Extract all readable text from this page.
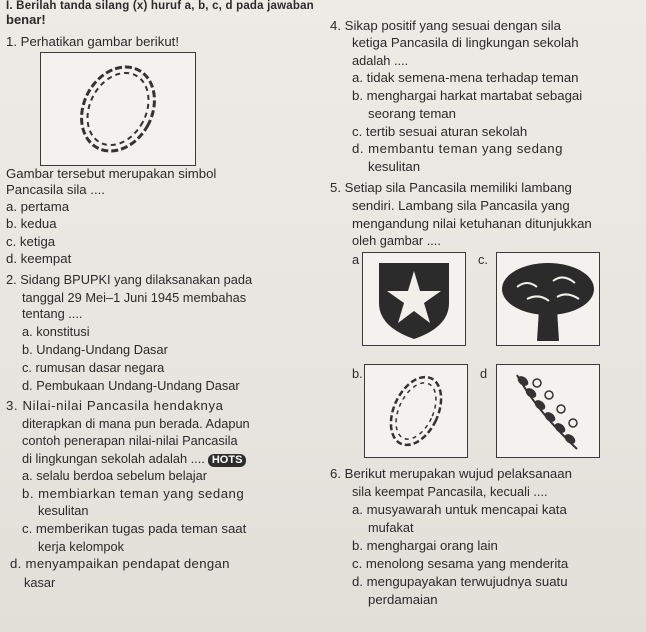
I. Berilah tanda silang (x) huruf a, b, c, d pada jawaban
benar!
1. Perhatikan gambar berikut!
Gambar tersebut merupakan simbol
Pancasila sila ....
a. pertama
b. kedua
c. ketiga
d. keempat
2. Sidang BPUPKI yang dilaksanakan pada
tanggal 29 Mei–1 Juni 1945 membahas
tentang ....
a. konstitusi
b. Undang-Undang Dasar
c. rumusan dasar negara
d. Pembukaan Undang-Undang Dasar
3. Nilai-nilai Pancasila hendaknya
diterapkan di mana pun berada. Adapun
contoh penerapan nilai-nilai Pancasila
di lingkungan sekolah adalah .... HOTS
a. selalu berdoa sebelum belajar
b. membiarkan teman yang sedang
kesulitan
c. memberikan tugas pada teman saat
kerja kelompok
d. menyampaikan pendapat dengan
kasar
4. Sikap positif yang sesuai dengan sila
ketiga Pancasila di lingkungan sekolah
adalah ....
a. tidak semena-mena terhadap teman
b. menghargai harkat martabat sebagai
seorang teman
c. tertib sesuai aturan sekolah
d. membantu teman yang sedang
kesulitan
5. Setiap sila Pancasila memiliki lambang
sendiri. Lambang sila Pancasila yang
mengandung nilai ketuhanan ditunjukkan
oleh gambar ....
a	c.
b.	d
6. Berikut merupakan wujud pelaksanaan
sila keempat Pancasila, kecuali ....
a. musyawarah untuk mencapai kata
mufakat
b. menghargai orang lain
c. menolong sesama yang menderita
d. mengupayakan terwujudnya suatu
perdamaian
